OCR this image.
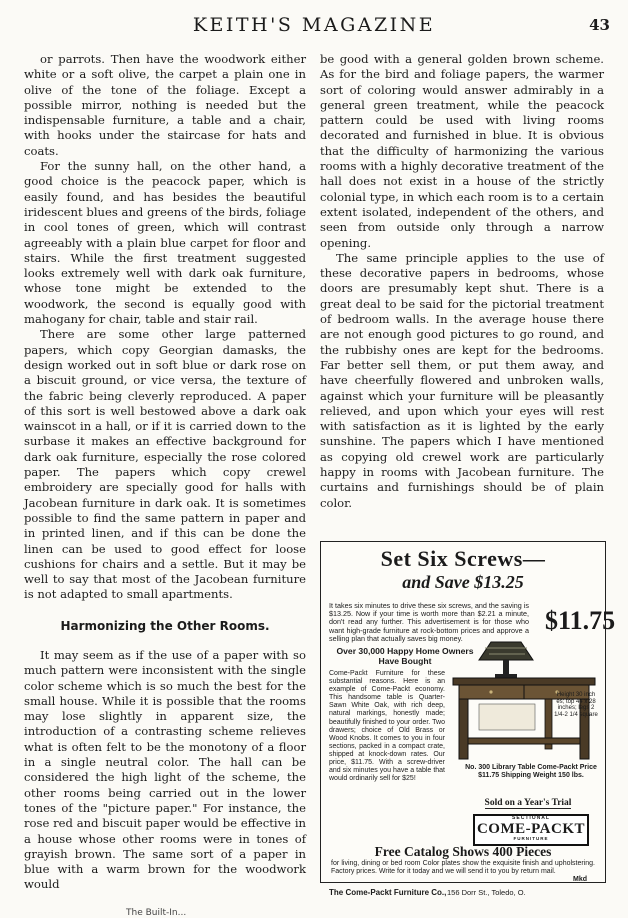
KEITH'S MAGAZINE	43

or parrots. Then have the woodwork either white or a soft olive, the carpet a plain one in olive of the tone of the foliage. Except a possible mirror, nothing is needed but the indispensable furniture, a table and a chair, with hooks under the staircase for hats and coats.

For the sunny hall, on the other hand, a good choice is the peacock paper, which is easily found, and has besides the beautiful iridescent blues and greens of the birds, foliage in cool tones of green, which will contrast agreeably with a plain blue carpet for floor and stairs. While the first treatment suggested looks extremely well with dark oak furniture, whose tone might be extended to the woodwork, the second is equally good with mahogany for chair, table and stair rail.

There are some other large patterned papers, which copy Georgian damasks, the design worked out in soft blue or dark rose on a biscuit ground, or vice versa, the texture of the fabric being cleverly reproduced. A paper of this sort is well bestowed above a dark oak wainscot in a hall, or if it is carried down to the surbase it makes an effective background for dark oak furniture, especially the rose colored paper. The papers which copy crewel embroidery are specially good for halls with Jacobean furniture in dark oak. It is sometimes possible to find the same pattern in paper and in printed linen, and if this can be done the linen can be used to good effect for loose cushions for chairs and a settle. But it may be well to say that most of the Jacobean furniture is not adapted to small apartments.

Harmonizing the Other Rooms.

It may seem as if the use of a paper with so much pattern were inconsistent with the single color scheme which is so much the best for the small house. While it is possible that the rooms may lose slightly in apparent size, the introduction of a contrasting scheme relieves what is often felt to be the monotony of a floor in a single neutral color. The hall can be considered the high light of the scheme, the other rooms being carried out in the lower tones of the "picture paper." For instance, the rose red and biscuit paper would be effective in a house whose other rooms were in tones of grayish brown. The same sort of a paper in blue with a warm brown for the woodwork would

be good with a general golden brown scheme. As for the bird and foliage papers, the warmer sort of coloring would answer admirably in a general green treatment, while the peacock pattern could be used with living rooms decorated and furnished in blue. It is obvious that the difficulty of harmonizing the various rooms with a highly decorative treatment of the hall does not exist in a house of the strictly colonial type, in which each room is to a certain extent isolated, independent of the others, and seen from outside only through a narrow opening.

The same principle applies to the use of these decorative papers in bedrooms, whose doors are presumably kept shut. There is a great deal to be said for the pictorial treatment of bedroom walls. In the average house there are not enough good pictures to go round, and the rubbishy ones are kept for the bedrooms. Far better sell them, or put them away, and have cheerfully flowered and unbroken walls, against which your furniture will be pleasantly relieved, and upon which your eyes will rest with satisfaction as it is lighted by the early sunshine. The papers which I have mentioned as copying old crewel work are particularly happy in rooms with Jacobean furniture. The curtains and furnishings should be of plain color.

Set Six Screws—
and Save $13.25
It takes six minutes to drive these six screws, and the saving is $13.25. Now if your time is worth more than $2.21 a minute, don't read any further. This advertisement is for those who want high-grade furniture at rock-bottom prices and approve a selling plan that actually saves big money.
$11.75
Over 30,000 Happy Home Owners Have Bought
Come-Packt Furniture for these substantial reasons. Here is an example of Come-Packt economy. This handsome table is Quarter-Sawn White Oak, with rich deep, natural markings, honestly made; beautifully finished to your order. Two drawers; choice of Old Brass or Wood Knobs. It comes to you in four sections, packed in a compact crate, shipped at knock-down rates. Our price, $11.75. With a screw-driver and six minutes you have a table that would ordinarily sell for $25!
Height 30 inch es; top 44 x 28 inches; legs 2 1/4-2 1/4 square
No. 300 Library Table Come-Packt Price $11.75 Shipping Weight 150 lbs.
Sold on a Year's Trial
SECTIONAL
COME-PACKT
FURNITURE
Free Catalog Shows 400 Pieces
for living, dining or bed room Color plates show the exquisite finish and upholstering. Factory prices. Write for it today and we will send it to you by return mail.
Mkd
The Come-Packt Furniture Co., 156 Dorr St., Toledo, O.
The Built-In...
